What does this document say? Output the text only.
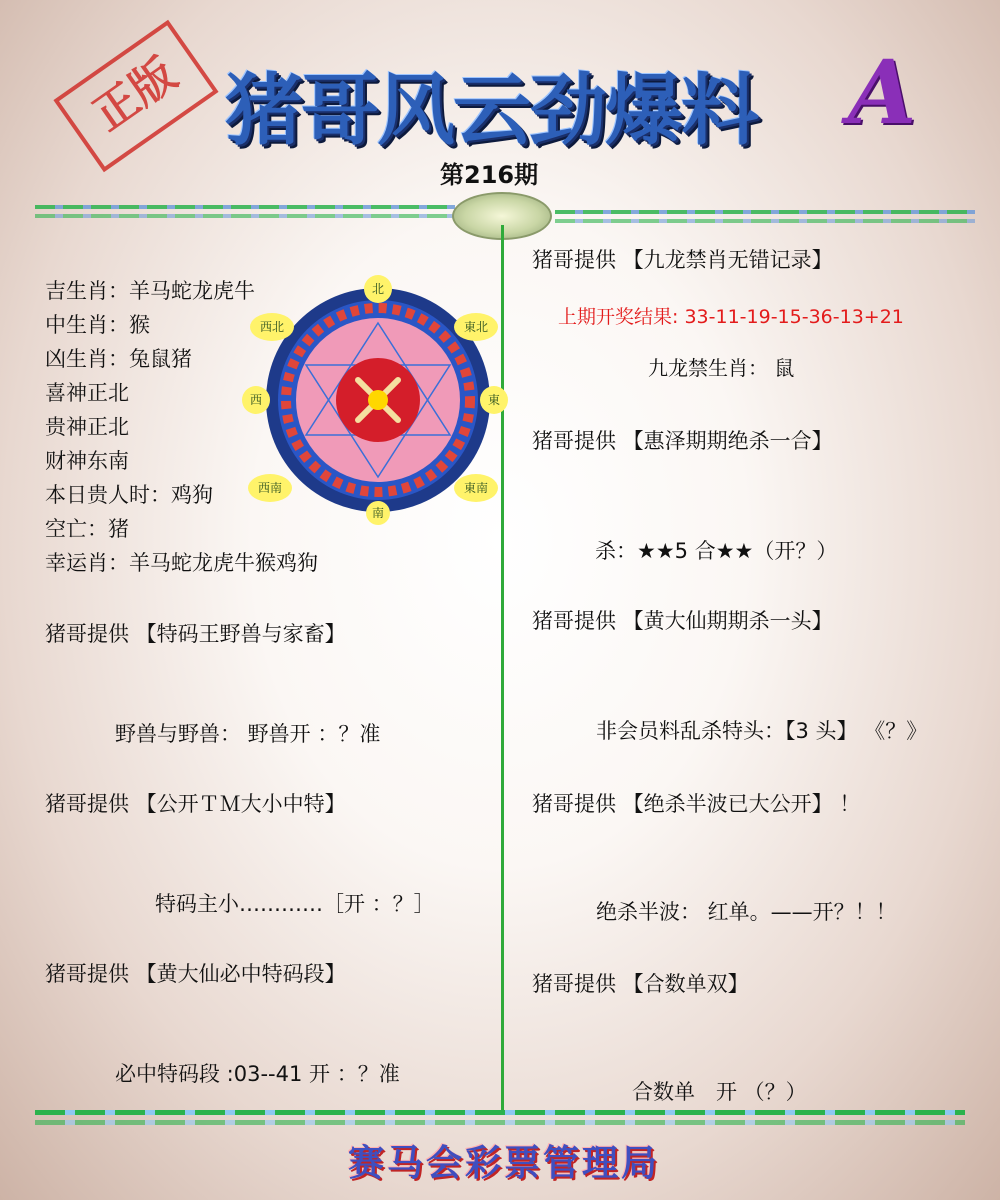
正版 猪哥风云劲爆料	A
第216期
吉生肖：羊马蛇龙虎牛
中生肖：猴
凶生肖：兔鼠猪
喜神正北
贵神正北
财神东南
本日贵人时：鸡狗
空亡：猪
幸运肖：羊马蛇龙虎牛猴鸡狗
北
東
南
西
東北
東南
西南
西北
猪哥提供 【特码王野兽与家畜】
野兽与野兽： 野兽开 ：？准
猪哥提供 【公开ＴＭ大小中特】
特码主小…………［开 ：？］
猪哥提供 【黄大仙必中特码段】
必中特码段 :03--41 开 ：？准
猪哥提供 【九龙禁肖无错记录】
上期开奖结果: 33-11-19-15-36-13+21
九龙禁生肖： 鼠
猪哥提供 【惠泽期期绝杀一合】
杀：★★5 合★★（开？）
猪哥提供 【黄大仙期期杀一头】
非会员料乱杀特头：【3 头】 《？》
猪哥提供 【绝杀半波已大公开】 ！
绝杀半波： 红单。——开？！！
猪哥提供 【合数单双】
合数单　开 （？）
赛马会彩票管理局
